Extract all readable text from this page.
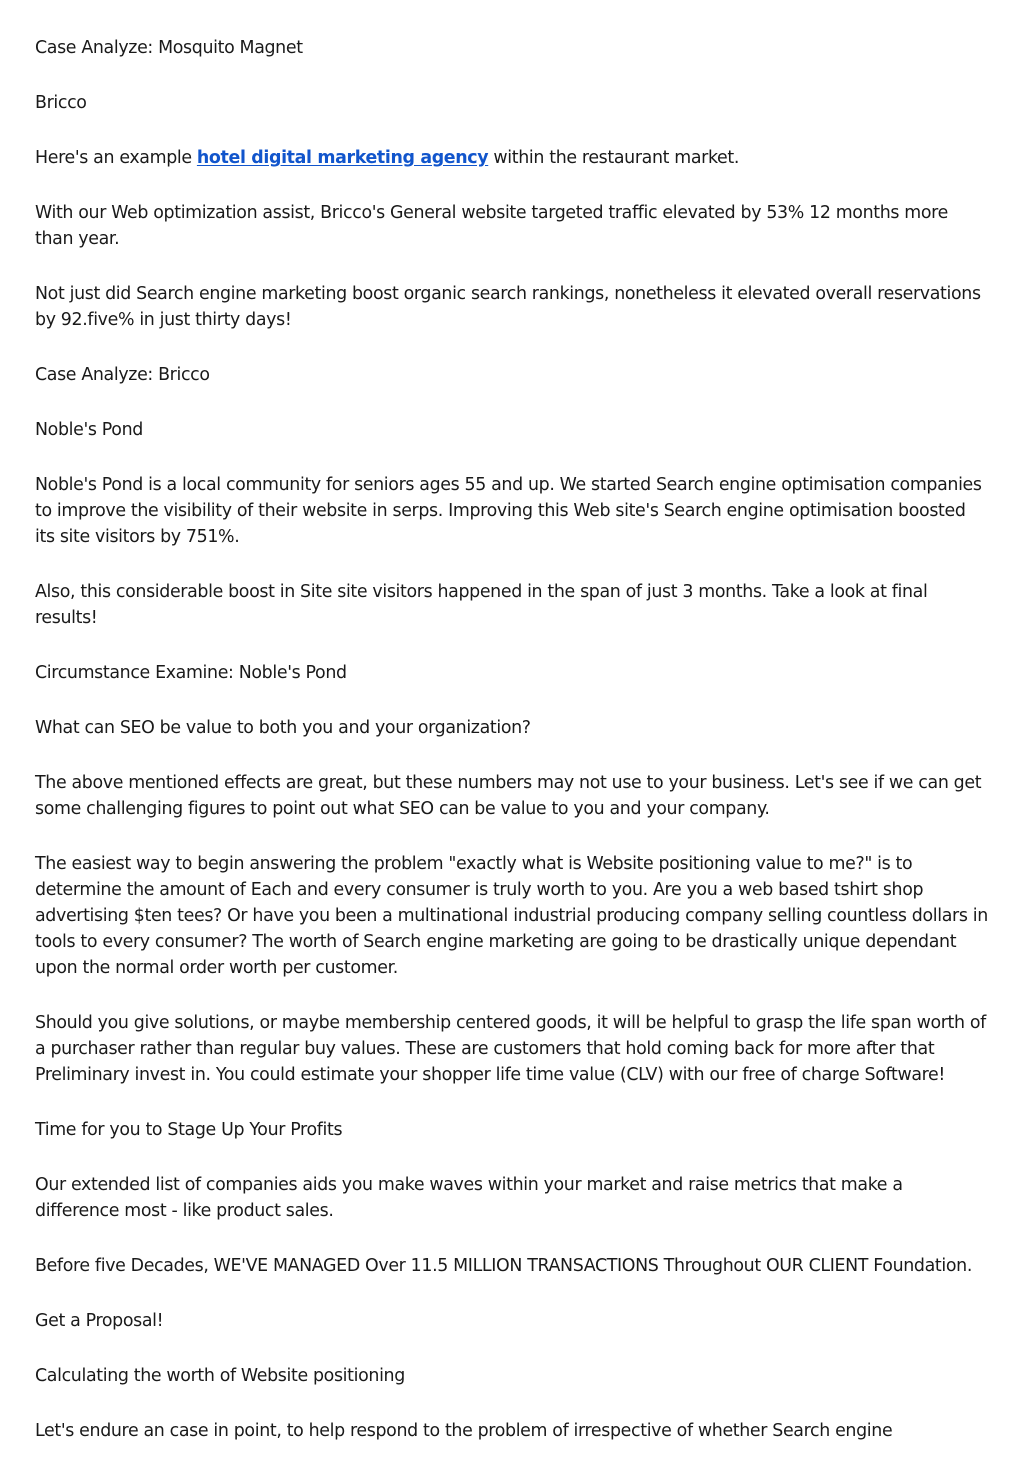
Case Analyze: Mosquito Magnet

Bricco

Here's an example hotel digital marketing agency within the restaurant market.

With our Web optimization assist, Bricco's General website targeted traffic elevated by 53% 12 months more than year.

Not just did Search engine marketing boost organic search rankings, nonetheless it elevated overall reservations by 92.five% in just thirty days!

Case Analyze: Bricco

Noble's Pond

Noble's Pond is a local community for seniors ages 55 and up. We started Search engine optimisation companies to improve the visibility of their website in serps. Improving this Web site's Search engine optimisation boosted its site visitors by 751%.

Also, this considerable boost in Site site visitors happened in the span of just 3 months. Take a look at final results!

Circumstance Examine: Noble's Pond

What can SEO be value to both you and your organization?

The above mentioned effects are great, but these numbers may not use to your business. Let's see if we can get some challenging figures to point out what SEO can be value to you and your company.

The easiest way to begin answering the problem "exactly what is Website positioning value to me?" is to determine the amount of Each and every consumer is truly worth to you. Are you a web based tshirt shop advertising $ten tees? Or have you been a multinational industrial producing company selling countless dollars in tools to every consumer? The worth of Search engine marketing are going to be drastically unique dependant upon the normal order worth per customer.

Should you give solutions, or maybe membership centered goods, it will be helpful to grasp the life span worth of a purchaser rather than regular buy values. These are customers that hold coming back for more after that Preliminary invest in. You could estimate your shopper life time value (CLV) with our free of charge Software!

Time for you to Stage Up Your Profits

Our extended list of companies aids you make waves within your market and raise metrics that make a difference most - like product sales.

Before five Decades, WE'VE MANAGED Over 11.5 MILLION TRANSACTIONS Throughout OUR CLIENT Foundation.

Get a Proposal!

Calculating the worth of Website positioning

Let's endure an case in point, to help respond to the problem of irrespective of whether Search engine
